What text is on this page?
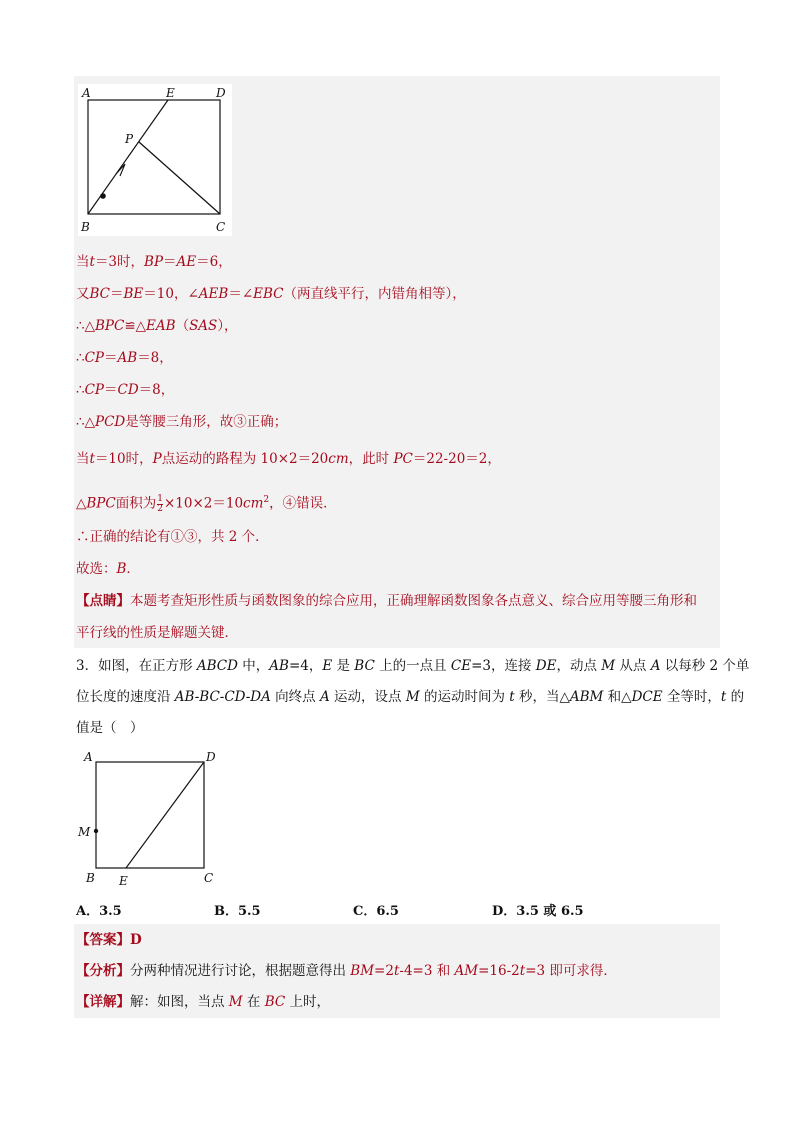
A	E	D
P
B	C
当t＝3时，BP＝AE＝6，
又BC＝BE＝10，∠AEB＝∠EBC（两直线平行，内错角相等），
∴△BPC≌△EAB（SAS），
∴CP＝AB＝8，
∴CP＝CD＝8，
∴△PCD是等腰三角形，故③正确；
当t＝10时，P点运动的路程为 10×2＝20cm，此时 PC＝22-20＝2，
△BPC面积为 $\frac{1}{2} \times 10\times 2=10cm^2$，④错误．
∴正确的结论有①③，共 2 个．
故选：B．
【点睛】本题考查矩形性质与函数图象的综合应用，正确理解函数图象各点意义、综合应用等腰三角形和
平行线的性质是解题关键．
3．如图，在正方形 ABCD 中，AB=4，E 是 BC 上的一点且 CE=3，连接 DE，动点 M 从点 A 以每秒 2 个单
位长度的速度沿 AB-BC-CD-DA 向终点 A 运动，设点 M 的运动时间为 t 秒，当△ABM 和△DCE 全等时，t 的
值是（　）
A	D
M
B E	C
A．3.5	B．5.5	C．6.5	D．3.5 或 6.5
【答案】D
【分析】分两种情况进行讨论，根据题意得出 BM=2t-4=3 和 AM=16-2t=3 即可求得．
【详解】解：如图，当点 M 在 BC 上时，
